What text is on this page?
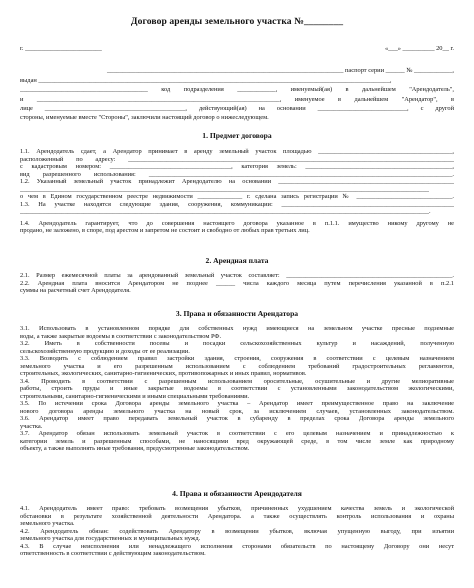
Договор аренды земельного участка №________
г. ________________________	«___» __________ 20__ г.
__________________________________________________________________________ паспорт серии ______ № ____________,
выдан ______________________________________________________________________________________________________________,
________________________________________ код подразделения ____________, именуемый(ая) в дальнейшем "Арендодатель",
и ____________________________________________________________________________, именуемое в дальнейшем "Арендатор", в
лице ____________________________________________, действующий(ая) на основании ____________________________, с другой
стороны, именуемые вместе "Стороны", заключили настоящий договор о нижеследующем.
1. Предмет договора
1.1. Арендодатель сдает, а Арендатор принимает в аренду земельный участок площадью __________________________________________,
расположенный по адресу: ______________________________________________________________________________________________________
с кадастровым номером: ______________________________________, категория земель: ______________________________________________,
вид разрешенного использования: _______________________________________________________________________________________________.
1.2. Указанный земельный участок принадлежит Арендодателю на основании _______________________________________________________
________________________________________________________________________________________________________________________________
о чем в Едином государственном реестре недвижимости ______________ г. сделана запись регистрации № ______________________________.
1.3. На участке находятся следующие здания, сооружения, коммуникации: ______________________________________________________
________________________________________________________________________________________________________________________________.
1.4. Арендодатель гарантирует, что до совершения настоящего договора указанное в п.1.1. имущество никому другому не
продано, не заложено, в споре, под арестом и запретом не состоит и свободно от любых прав третьих лиц.
2. Арендная плата
2.1. Размер ежемесячной платы за арендованный земельный участок составляет: ____________________________________________________.
2.2. Арендная плата вносится Арендатором не позднее ______ числа каждого месяца путем перечисления указанной в п.2.1
суммы на расчетный счет Арендодателя.
3. Права и обязанности Арендатора
3.1. Использовать в установленном порядке для собственных нужд имеющиеся на земельном участке пресные подземные
воды, а также закрытые водоемы в соответствии с законодательством РФ.
3.2. Иметь в собственности посевы и посадки сельскохозяйственных культур и насаждений, полученную
сельскохозяйственную продукцию и доходы от ее реализации.
3.3. Возводить с соблюдением правил застройки здания, строения, сооружения в соответствии с целевым назначением
земельного участка и его разрешенным использованием с соблюдением требований градостроительных регламентов,
строительных, экологических, санитарно-гигиенических, противопожарных и иных правил, нормативов.
3.4. Проводить в соответствии с разрешенным использованием оросительные, осушительные и другие мелиоративные
работы, строить пруды и иные закрытые водоемы в соответствии с установленными законодательством экологическими,
строительными, санитарно-гигиеническими и иными специальными требованиями.
3.5. По истечении срока Договора аренды земельного участка – Арендатор имеет преимущественное право на заключение
нового договора аренды земельного участка на новый срок, за исключением случаев, установленных законодательством.
3.6. Арендатор имеет право передавать земельный участок в субаренду в пределах срока Договора аренды земельного
участка.
3.7. Арендатор обязан использовать земельный участок в соответствии с его целевым назначением и принадлежностью к
категории земель и разрешенным способами, не наносящими вред окружающей среде, в том числе земле как природному
объекту, а также выполнять иные требования, предусмотренные законодательством.
4. Права и обязанности Арендодателя
4.1. Арендодатель имеет право: требовать возмещения убытков, причиненных ухудшением качества земель и экологической
обстановки в результате хозяйственной деятельности Арендатора. а также осуществлять контроль использования и охраны
земельного участка.
4.2. Арендодатель обязан: содействовать Арендатору в возмещении убытков, включая упущенную выгоду, при изъятии
земельного участка для государственных и муниципальных нужд.
4.3. В случае неисполнения или ненадлежащего исполнения сторонами обязательств по настоящему Договору они несут
ответственность в соответствии с действующим законодательством.
